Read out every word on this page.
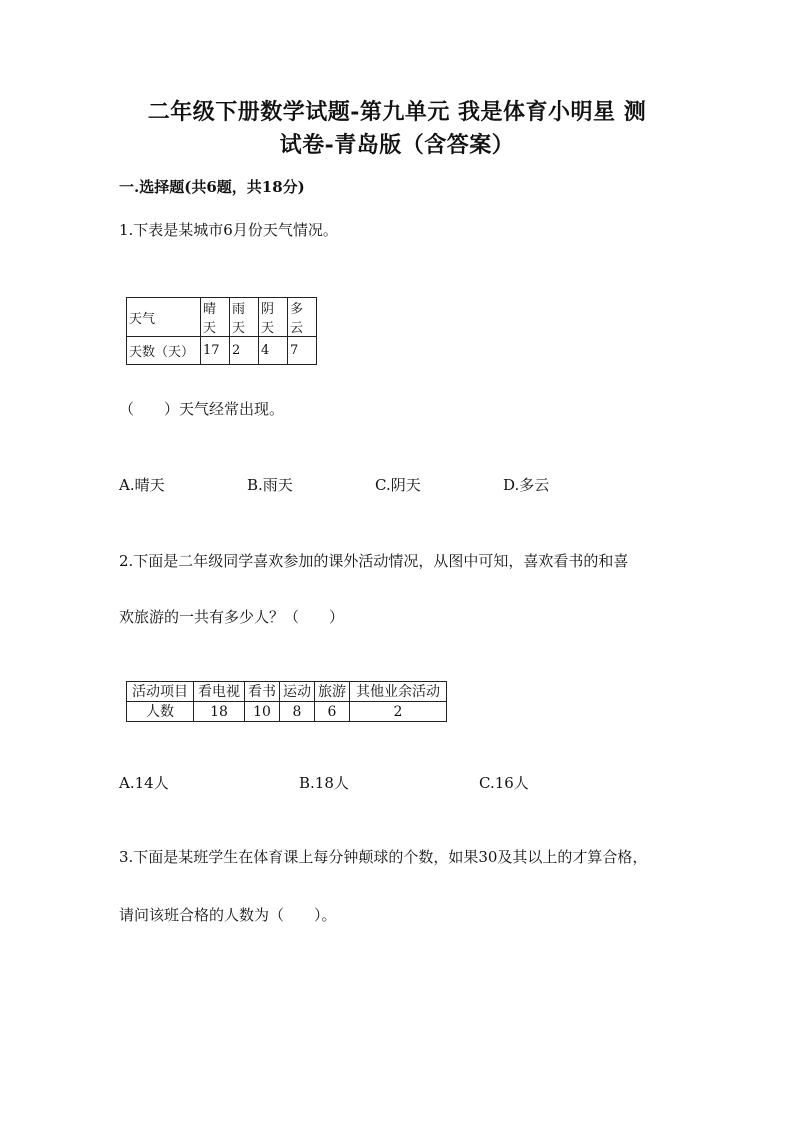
二年级下册数学试题-第九单元 我是体育小明星 测
试卷-青岛版（含答案）
一.选择题(共6题，共18分)
1.下表是某城市6月份天气情况。
天气	晴天	雨天	阴天	多云
天数（天）	17	2	4	7
（　　）天气经常出现。
A.晴天	B.雨天	C.阴天	D.多云
2.下面是二年级同学喜欢参加的课外活动情况，从图中可知，喜欢看书的和喜
欢旅游的一共有多少人？（　　）
活动项目	看电视	看书	运动	旅游	其他业余活动
人数	18	10	8	6	2
A.14人	B.18人	C.16人
3.下面是某班学生在体育课上每分钟颠球的个数，如果30及其以上的才算合格，
请问该班合格的人数为（　　）。
